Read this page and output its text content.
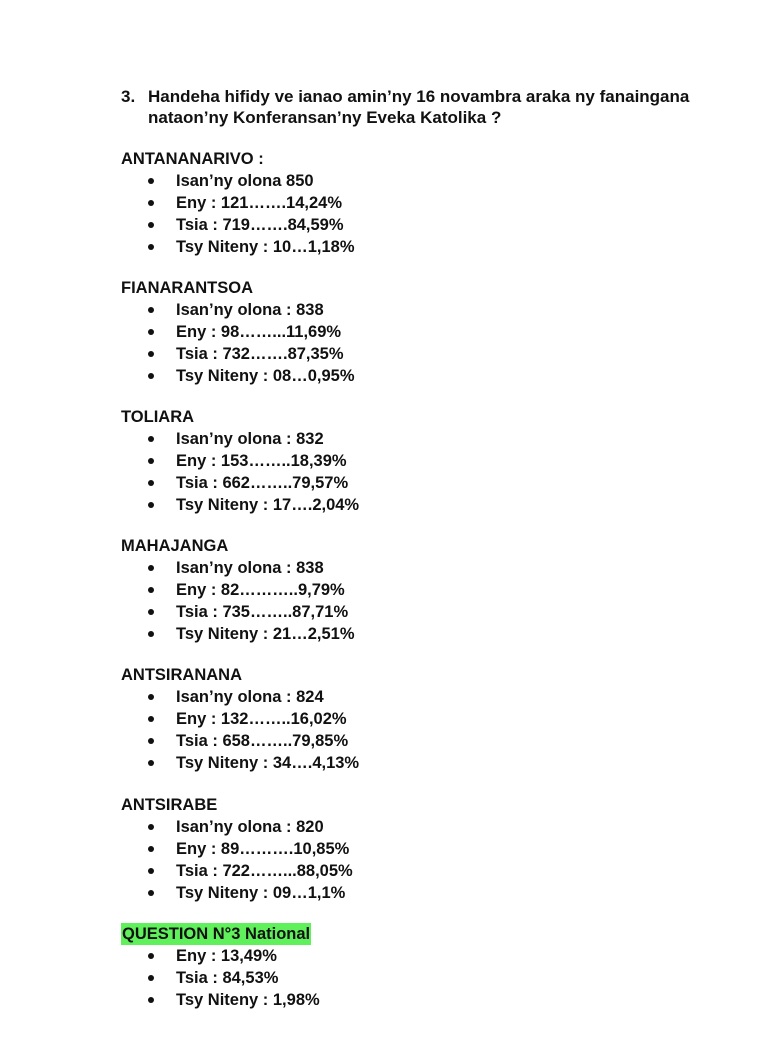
3. Handeha hifidy ve ianao amin’ny 16 novambra araka ny fanaingana nataon’ny Konferansan’ny Eveka Katolika ?
ANTANANARIVO :
Isan’ny olona 850
Eny : 121…….14,24%
Tsia : 719…….84,59%
Tsy Niteny : 10…1,18%
FIANARANTSOA
Isan’ny olona : 838
Eny : 98……...11,69%
Tsia : 732…….87,35%
Tsy Niteny : 08…0,95%
TOLIARA
Isan’ny olona : 832
Eny : 153……..18,39%
Tsia : 662……..79,57%
Tsy Niteny : 17….2,04%
MAHAJANGA
Isan’ny olona : 838
Eny : 82………..9,79%
Tsia : 735……..87,71%
Tsy Niteny : 21…2,51%
ANTSIRANANA
Isan’ny olona : 824
Eny : 132……..16,02%
Tsia : 658……..79,85%
Tsy Niteny : 34….4,13%
ANTSIRABE
Isan’ny olona : 820
Eny : 89……….10,85%
Tsia : 722……...88,05%
Tsy Niteny : 09…1,1%
QUESTION N°3 National
Eny : 13,49%
Tsia : 84,53%
Tsy Niteny : 1,98%
